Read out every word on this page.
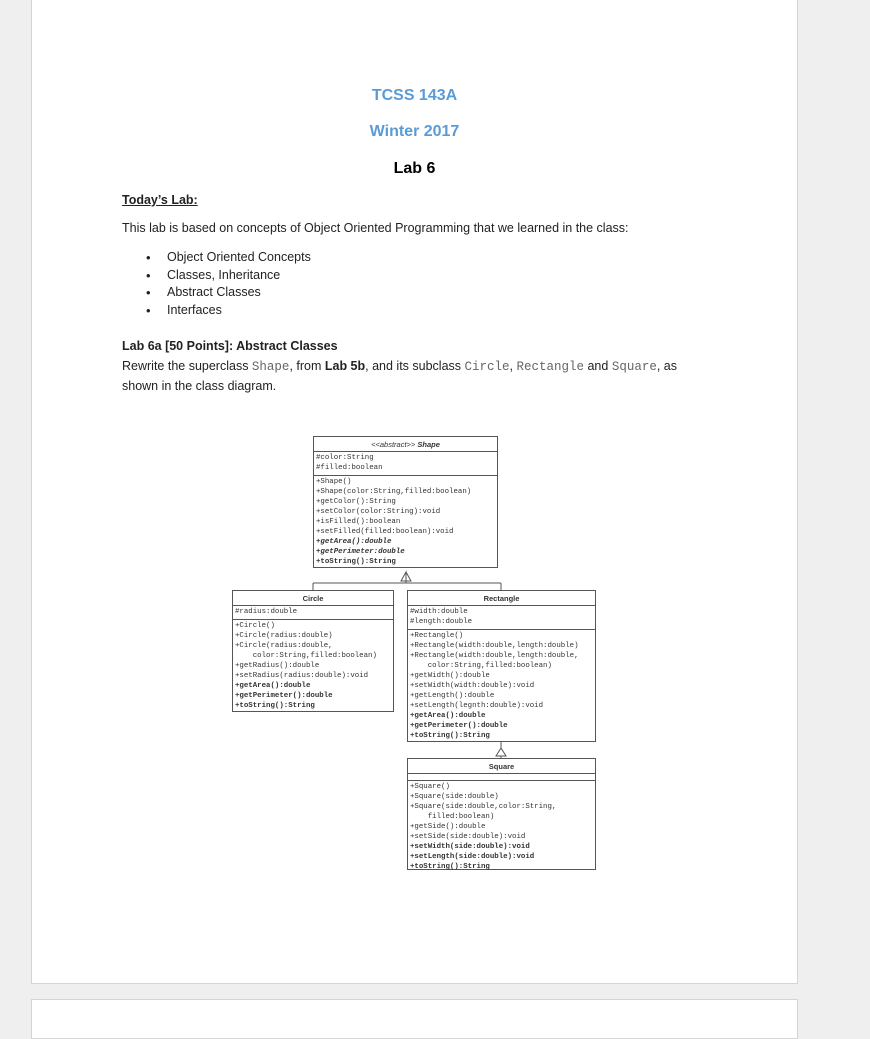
TCSS 143A
Winter 2017
Lab 6
Today’s Lab:
This lab is based on concepts of Object Oriented Programming that we learned in the class:
• Object Oriented Concepts
• Classes, Inheritance
• Abstract Classes
• Interfaces
Lab 6a [50 Points]: Abstract Classes
Rewrite the superclass Shape, from Lab 5b, and its subclass Circle, Rectangle and Square, as
shown in the class diagram.
<<abstract>> Shape
#color:String
#filled:boolean
+Shape()
+Shape(color:String,filled:boolean)
+getColor():String
+setColor(color:String):void
+isFilled():boolean
+setFilled(filled:boolean):void
+getArea():double
+getPerimeter:double
+toString():String
Circle
#radius:double
+Circle()
+Circle(radius:double)
+Circle(radius:double,
color:String,filled:boolean)
+getRadius():double
+setRadius(radius:double):void
+getArea():double
+getPerimeter():double
+toString():String
Rectangle
#width:double
#length:double
+Rectangle()
+Rectangle(width:double,length:double)
+Rectangle(width:double,length:double,
color:String,filled:boolean)
+getWidth():double
+setWidth(width:double):void
+getLength():double
+setLength(legnth:double):void
+getArea():double
+getPerimeter():double
+toString():String
Square
+Square()
+Square(side:double)
+Square(side:double,color:String,
filled:boolean)
+getSide():double
+setSide(side:double):void
+setWidth(side:double):void
+setLength(side:double):void
+toString():String
